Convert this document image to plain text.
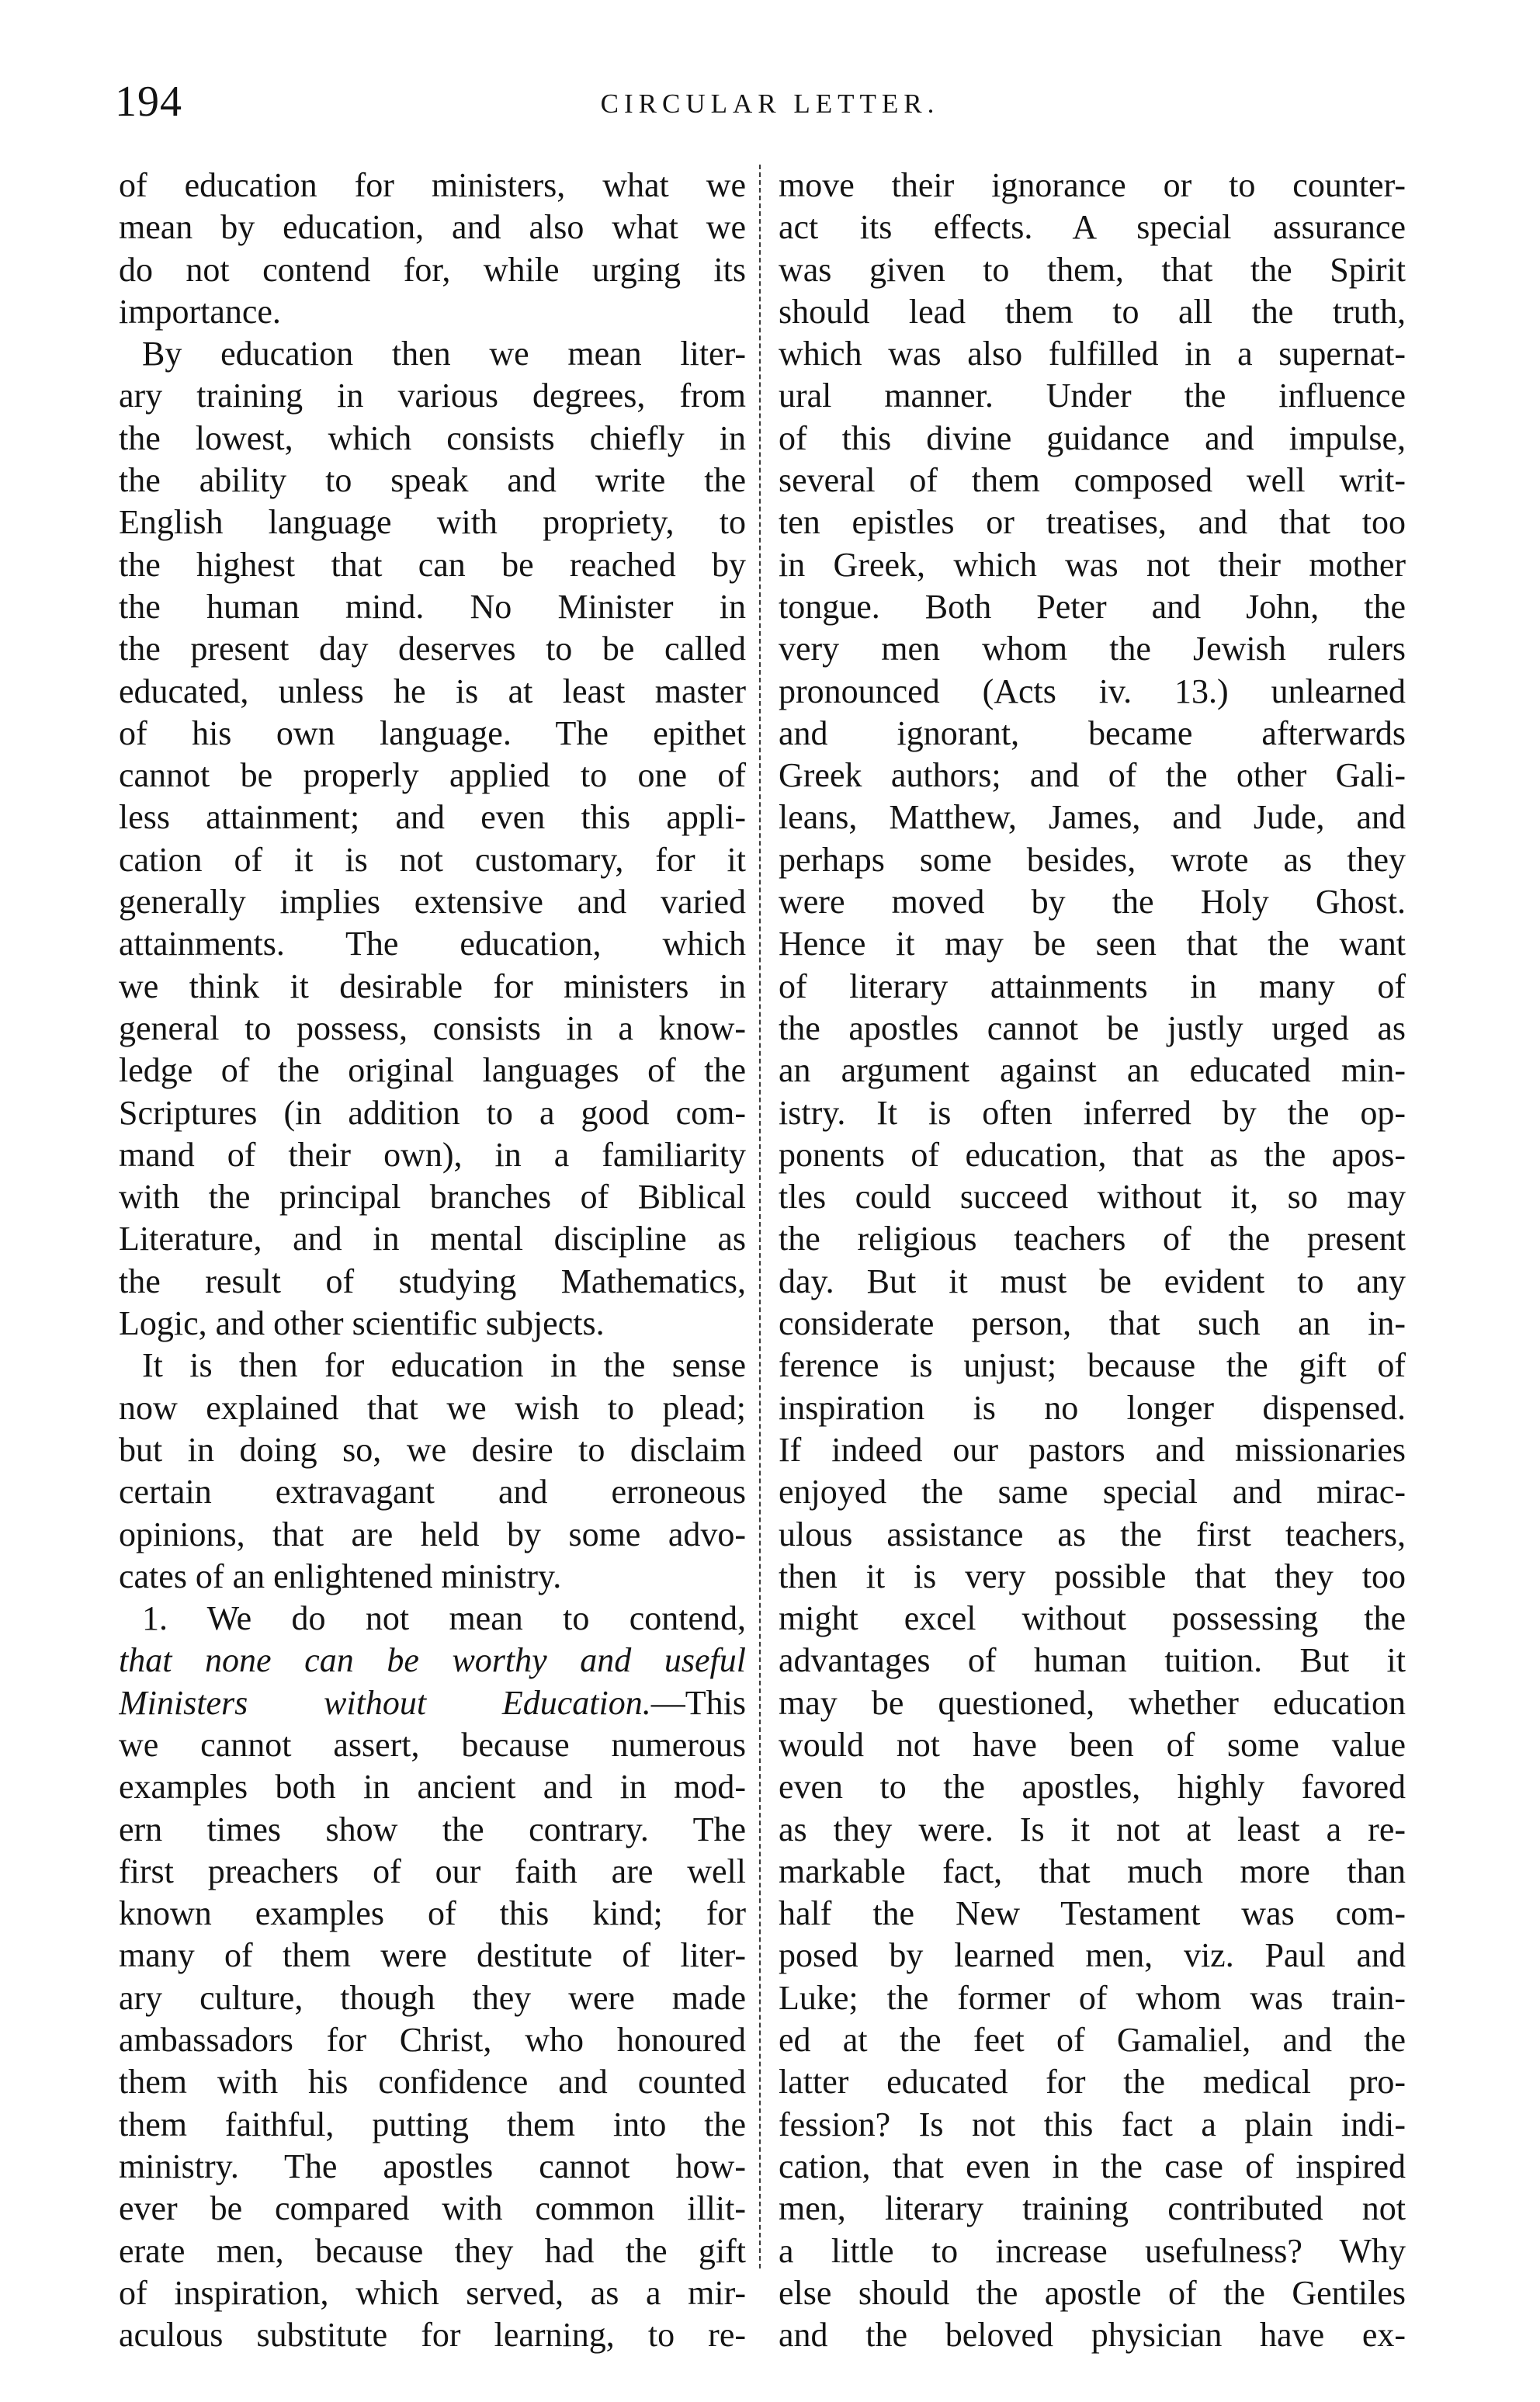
194	CIRCULAR LETTER.
of education for ministers, what we
mean by education, and also what we
do not contend for, while urging its
importance.
By education then we mean liter-
ary training in various degrees, from
the lowest, which consists chiefly in
the ability to speak and write the
English language with propriety, to
the highest that can be reached by
the human mind. No Minister in
the present day deserves to be called
educated, unless he is at least master
of his own language. The epithet
cannot be properly applied to one of
less attainment; and even this appli-
cation of it is not customary, for it
generally implies extensive and varied
attainments. The education, which
we think it desirable for ministers in
general to possess, consists in a know-
ledge of the original languages of the
Scriptures (in addition to a good com-
mand of their own), in a familiarity
with the principal branches of Biblical
Literature, and in mental discipline as
the result of studying Mathematics,
Logic, and other scientific subjects.
It is then for education in the sense
now explained that we wish to plead;
but in doing so, we desire to disclaim
certain extravagant and erroneous
opinions, that are held by some advo-
cates of an enlightened ministry.
1. We do not mean to contend,
that none can be worthy and useful
Ministers without Education.—This
we cannot assert, because numerous
examples both in ancient and in mod-
ern times show the contrary. The
first preachers of our faith are well
known examples of this kind; for
many of them were destitute of liter-
ary culture, though they were made
ambassadors for Christ, who honoured
them with his confidence and counted
them faithful, putting them into the
ministry. The apostles cannot how-
ever be compared with common illit-
erate men, because they had the gift
of inspiration, which served, as a mir-
aculous substitute for learning, to re-
move their ignorance or to counter-
act its effects. A special assurance
was given to them, that the Spirit
should lead them to all the truth,
which was also fulfilled in a supernat-
ural manner. Under the influence
of this divine guidance and impulse,
several of them composed well writ-
ten epistles or treatises, and that too
in Greek, which was not their mother
tongue. Both Peter and John, the
very men whom the Jewish rulers
pronounced (Acts iv. 13.) unlearned
and ignorant, became afterwards
Greek authors; and of the other Gali-
leans, Matthew, James, and Jude, and
perhaps some besides, wrote as they
were moved by the Holy Ghost.
Hence it may be seen that the want
of literary attainments in many of
the apostles cannot be justly urged as
an argument against an educated min-
istry. It is often inferred by the op-
ponents of education, that as the apos-
tles could succeed without it, so may
the religious teachers of the present
day. But it must be evident to any
considerate person, that such an in-
ference is unjust; because the gift of
inspiration is no longer dispensed.
If indeed our pastors and missionaries
enjoyed the same special and mirac-
ulous assistance as the first teachers,
then it is very possible that they too
might excel without possessing the
advantages of human tuition. But it
may be questioned, whether education
would not have been of some value
even to the apostles, highly favored
as they were. Is it not at least a re-
markable fact, that much more than
half the New Testament was com-
posed by learned men, viz. Paul and
Luke; the former of whom was train-
ed at the feet of Gamaliel, and the
latter educated for the medical pro-
fession? Is not this fact a plain indi-
cation, that even in the case of inspired
men, literary training contributed not
a little to increase usefulness? Why
else should the apostle of the Gentiles
and the beloved physician have ex-
